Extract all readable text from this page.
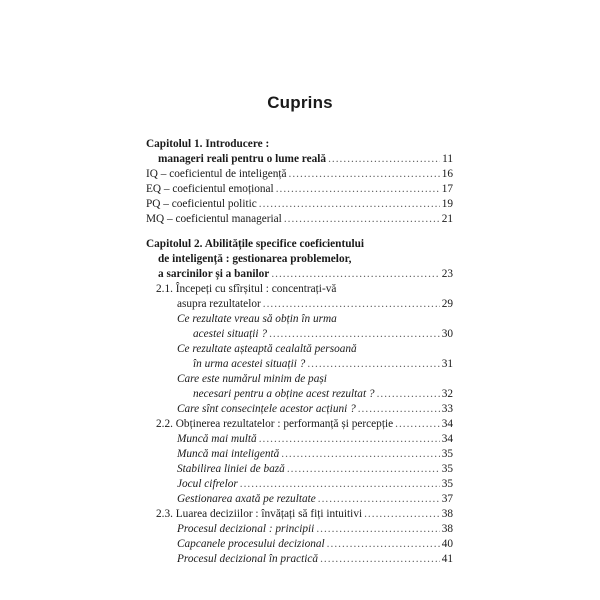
Cuprins
Capitolul 1. Introducere :
manageri reali pentru o lume reală .....	11
IQ – coeficientul de inteligență .....	16
EQ – coeficientul emoțional .....	17
PQ – coeficientul politic .....	19
MQ – coeficientul managerial .....	21
Capitolul 2. Abilitățile specifice coeficientului
de inteligență : gestionarea problemelor,
a sarcinilor și a banilor .....	23
2.1. Începeți cu sfîrșitul : concentrați-vă
asupra rezultatelor .....	29
Ce rezultate vreau să obțin în urma
acestei situații ? .....	30
Ce rezultate așteaptă cealaltă persoană
în urma acestei situații ? .....	31
Care este numărul minim de pași
necesari pentru a obține acest rezultat ? .....	32
Care sînt consecințele acestor acțiuni ? .....	33
2.2. Obținerea rezultatelor : performanță și percepție .....	34
Muncă mai multă .....	34
Muncă mai inteligentă .....	35
Stabilirea liniei de bază .....	35
Jocul cifrelor .....	35
Gestionarea axată pe rezultate .....	37
2.3. Luarea deciziilor : învățați să fiți intuitivi .....	38
Procesul decizional : principii .....	38
Capcanele procesului decizional .....	40
Procesul decizional în practică .....	41
